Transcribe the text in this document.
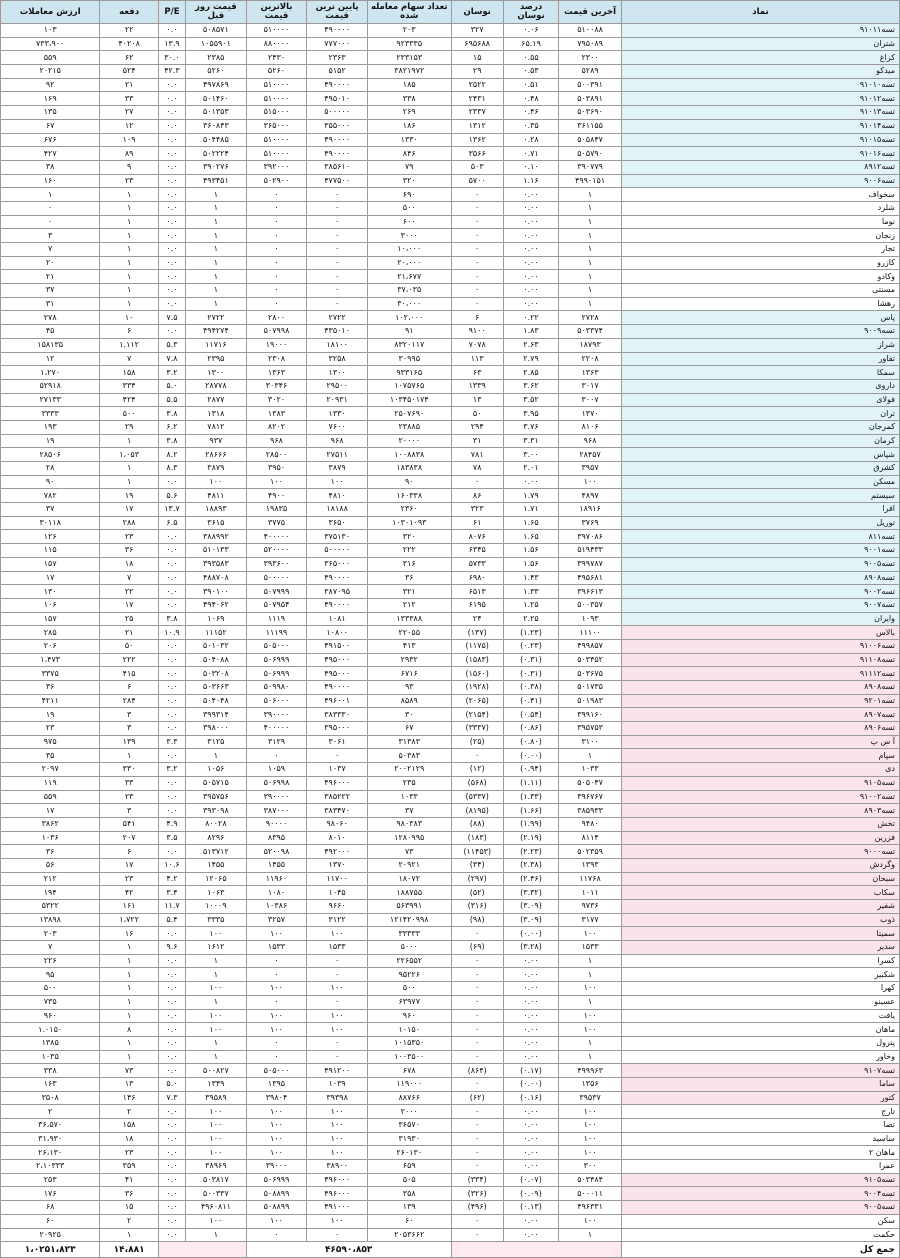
نماد	آخرین قیمت	درصد نوسان	نوسان	تعداد سهام معامله شده	پایین ترین قیمت	بالاترین قیمت	قیمت روز قبل	P/E	دفعه	ارزش معاملات
تسه۹۱۰۱۱	۵۱۰۰۸۸	۰.۰۶	۳۲۷	۲۰۳	۴۹۰۰۰۰	۵۱۰۰۰۰	۵۰۸۵۷۱	۰.۰	۲۲	۱۰۳
شتران	۷۹۵۰۸۹	۶۵.۱۹	۶۹۵۶۸۸	۹۲۳۳۳۵	۷۷۷۰۰۰	۸۸۰۰۰۰	۱۰۵۵۹۰۱	۱۳.۹	۴۰۲۰۸	۷۳۳،۹۰۰
کزاغ	۲۳۰۰	۰.۵۵	۱۵	۲۳۳۱۵۳	۲۳۶۳	۲۴۳۰	۲۳۸۵	۳۰.۰	۶۲	۵۵۹
میدکو	۵۲۸۹	۰.۵۳	۲۹	۳۸۲۱۹۷۲	۵۱۵۲	۵۲۶۰	۵۲۶۰	۴۲.۳	۵۲۴	۲۰۲۱۵
تسه۹۱۰۱۰	۵۰۰۳۹۱	۰.۵۱	۲۵۲۲	۱۸۵	۴۹۰۰۰۰	۵۱۰۰۰۰	۴۹۷۸۶۹	۰.۰	۲۱	۹۲
تسه۹۱۰۱۲	۵۰۳۸۹۱	۰.۴۸	۲۴۳۱	۳۳۸	۴۹۵۰۱۰	۵۱۰۰۰۰	۵۰۱۴۶۰	۰.۰	۳۳	۱۶۹
تسه۹۱۰۱۳	۵۰۳۶۹۰	۰.۴۶	۲۳۳۷	۲۶۹	۵۰۰۰۰۰	۵۱۵۰۰۰	۵۰۱۳۵۳	۰.۰	۲۷	۱۳۵
تسه۹۱۰۱۴	۳۶۱۱۵۵	۰.۳۵	۱۳۱۲	۱۸۶	۳۵۵۰۰۰	۳۶۵۰۰۰	۳۶۰۸۴۳	۰.۰	۱۲	۶۷
تسه۹۱۰۱۵	۵۰۵۸۴۷	۰.۲۸	۱۳۶۲	۱۳۳۰	۴۹۰۰۰۰	۵۱۰۰۰۰	۵۰۴۴۸۵	۰.۰	۱۰۹	۶۷۶
تسه۹۱۰۱۶	۵۰۵۷۹۰	۰.۷۱	۳۵۶۶	۸۴۶	۴۹۰۰۰۰	۵۱۰۰۰۰	۵۰۲۲۲۴	۰.۰	۸۹	۴۲۷
تسه۸۹۱۲	۳۹۰۷۷۹	۰.۱۰	۵۰۳	۷۹	۳۸۵۶۱۰	۳۹۲۰۰۰	۳۹۰۲۷۶	۰.۰	۹	۳۸
تسه۹۰۰۶	۴۹۹۰۱۵۱	۱.۱۶	۵۷۰۰	۳۲۰	۴۷۷۵۰۰	۵۰۲۹۰۰	۴۹۳۴۵۱	۰.۰	۲۳	۱۶۰
سخواف	۱	۰.۰۰	۰	۶۹۰	۰	۰	۱	۰.۰	۱	۱
شلرد	۱	۰.۰۰	۰	۵۰۰	۰	۰	۱	۰.۰	۱	۰
نوما	۱	۰.۰۰	۰	۶۰۰	۰	۰	۱	۰.۰	۱	۰
زنجان	۱	۰.۰۰	۰	۳۰۰۰	۰	۰	۱	۰.۰	۱	۳
تجار	۱	۰.۰۰	۰	۱۰،۰۰۰	۰	۰	۱	۰.۰	۱	۷
کازرو	۱	۰.۰۰	۰	۲۰،۰۰۰	۰	۰	۱	۰.۰	۱	۲۰
وکادو	۱	۰.۰۰	۰	۲۱،۶۷۷	۰	۰	۱	۰.۰	۱	۲۱
مسنتی	۱	۰.۰۰	۰	۳۷،۰۳۵	۰	۰	۱	۰.۰	۱	۳۷
رهشا	۱	۰.۰۰	۰	۳۰،۰۰۰	۰	۰	۱	۰.۰	۱	۳۱
پاس	۲۷۲۸	۰.۲۲	۶	۱۰۲،۰۰۰	۲۷۲۲	۲۸۰۰	۲۷۲۲	۷.۵	۱۰	۲۷۸
تسه۹۰۰۹	۵۰۳۳۷۴	۱.۸۳	۹۱۰۰	۹۱	۴۳۵۰۱۰	۵۰۷۹۹۸	۴۹۴۲۷۴	۰.۰	۶	۴۵
شراز	۱۸۷۹۳	۲.۶۳	۷۰۷۸	۸۳۲۰۱۱۷	۱۸۱۰۰	۱۹۰۰۰	۱۱۷۱۶	۵.۳	۱.۱۱۲	۱۵۸۱۳۵
تفاور	۲۲۰۸	۲.۷۹	۱۱۳	۳۰۹۹۵	۳۲۵۸	۲۳۰۸	۲۳۹۵	۷.۸	۷	۱۲
سمکا	۱۳۶۳	۲.۸۵	۶۳	۹۳۳۱۶۵	۱۳۰۰	۱۳۶۳	۱۳۰۰	۳.۲	۱۵۸	۱،۲۷۰
داروی	۳۰۱۷	۳.۶۲	۱۳۳۹	۱۰۷۵۷۶۵	۲۹۵۰۰	۳۰۳۴۶	۲۸۷۷۸	۵.۰	۳۳۴	۵۲۹۱۸
فولای	۳۰۰۷	۳.۵۲	۱۳	۱۰۳۴۵۰۱۷۴	۲۰۹۳۱	۳۰۲۰	۲۸۷۷	۵.۵	۴۲۴	۲۷۱۳۳
تران	۱۳۷۰	۳.۹۵	۵۰	۲۵۰۷۶۹۰	۱۳۳۰	۱۳۸۳	۱۳۱۸	۳.۸	۵۰۰	۳۳۳۳
کمرجان	۸۱۰۶	۳.۷۶	۲۹۴	۲۳۸۸۵	۷۶۰۰	۸۲۰۲	۷۸۱۲	۶.۲	۲۹	۱۹۳
کرمان	۹۶۸	۳.۳۱	۳۱	۲۰۰۰۰	۹۶۸	۹۶۸	۹۳۷	۳.۸	۱	۱۹
شپاس	۲۸۴۵۷	۳.۰۰	۷۸۱	۱۰۰۸۸۳۸	۲۷۵۱۱	۲۸۵۰۰	۲۸۶۶۶	۸.۲	۱،۰۵۳	۲۸۵۰۶
کشرق	۳۹۵۷	۲.۰۱	۷۸	۱۸۳۸۳۸	۳۸۷۹	۳۹۵۰	۳۸۷۹	۸.۳	۱	۲۸
مسکن	۱۰۰	۰.۰۰	۰	۹۰	۱۰۰	۱۰۰	۱۰۰	۰.۰	۱	۹۰
سیستم	۴۸۹۷	۱.۷۹	۸۶	۱۶۰۳۳۸	۴۸۱۰	۴۹۰۰	۴۸۱۱	۵.۶	۱۹	۷۸۲
افرا	۱۸۹۱۶	۱.۷۱	۳۲۳	۲۳۶۰	۱۸۱۸۸	۱۹۸۳۵	۱۸۸۹۳	۱۳.۷	۱۷	۳۷
توریل	۳۷۶۹	۱.۶۵	۶۱	۱۰۳۰۱۰۹۳	۳۶۵۰	۳۷۷۵	۳۶۱۵	۶.۵	۲۸۸	۳۰۱۱۸
تسه۸۱۱	۳۹۷۰۸۶	۱.۶۵	۸۰۷۶	۳۲۰	۳۷۵۱۳۰	۴۰۰۰۰۰	۳۸۸۹۹۲	۰.۰	۲۳	۱۲۶
تسه۹۰۰۱	۵۱۹۴۳۳	۱.۵۶	۶۳۴۵	۲۲۲	۵۰۰۰۰۰	۵۲۰۰۰۰	۵۱۰۱۳۳	۰.۰	۳۶	۱۱۵
تسه۹۰۰۵	۳۹۹۷۸۷	۱.۵۶	۵۷۳۳	۳۱۶	۳۶۵۰۰۰	۳۹۳۶۰۰	۳۹۳۵۸۳	۰.۰	۱۸	۱۵۷
تسه۸۹۰۸	۴۹۵۶۸۱	۱.۴۳	۶۹۸۰	۳۶	۴۹۰۰۰۰	۵۰۰۰۰۰	۴۸۸۷۰۸	۰.۰	۷	۱۷
تسه۹۰۰۲	۳۹۶۶۱۳	۱.۳۳	۶۵۱۳	۳۲۱	۳۸۷۰۹۵	۵۰۷۹۹۹	۳۹۰۱۰۰	۰.۰	۲۲	۱۳۰
تسه۹۰۰۷	۵۰۰۳۵۷	۱.۲۵	۶۱۹۵	۲۱۲	۴۹۰۰۰۰	۵۰۷۹۵۴	۴۹۴۰۶۲	۰.۰	۱۷	۱۰۶
وایران	۱۰۹۳	۲.۲۵	۲۴	۱۳۳۳۸۸	۱۰۸۱	۱۱۱۹	۱۰۶۹	۳.۸	۲۵	۱۵۷
بالاس	۱۱۱۰۰	(۱.۲۳)	(۱۳۷)	۲۲۰۵۵	۱۰۸۰۰	۱۱۱۹۹	۱۱۱۵۲	۱۰.۹	۲۱	۲۸۵
تسه۹۱۰۰۶	۴۹۹۸۵۷	(۰.۲۳)	(۱۱۷۵)	۴۱۳	۴۹۱۵۰۰	۵۰۵۰۰۰	۵۰۱۰۳۲	۰.۰	۵۰	۲۰۶
تسه۹۱۱۰۸	۵۰۳۴۵۲	(۰.۳۱)	(۱۵۸۳)	۲۹۳۲	۴۹۵۰۰۰	۵۰۶۹۹۹	۵۰۴۰۸۸	۰.۰	۲۲۲	۱،۴۷۳
تسه۹۱۱۱۲	۵۰۳۶۷۵	(۰.۳۱)	(۱۵۶۰)	۶۷۱۶	۴۹۵۰۰۰	۵۰۶۹۹۹	۵۰۳۲۰۸	۰.۰	۴۱۵	۳۳۷۵
تسه۸۹۰۸	۵۰۱۷۳۵	(۰.۳۸)	(۱۹۲۸)	۹۳	۴۹۰۰۰۰	۵۰۹۹۸۰	۵۰۳۶۶۳	۰.۰	۶	۳۶
تسه۹۲۰۱	۵۰۱۹۸۳	(۰.۴۱)	(۲۰۶۵)	۸۵۸۹	۴۹۶۰۰۱	۵۰۶۰۰۰	۵۰۴۰۴۸	۰.۰	۲۸۴	۴۲۱۱
تسه۸۹۰۷	۳۹۹۱۶۰	(۰.۵۴)	(۲۱۵۴)	۳۰	۳۸۳۳۳۰	۳۹۰۰۰۰	۳۹۹۳۱۴	۰.۰	۳	۱۹
تسه۸۹۰۶	۳۹۵۷۵۳	(۰.۸۶)	(۳۳۳۷)	۶۷	۳۹۵۰۰۰	۴۰۰۰۰۰	۳۹۸۰۰۰	۰.۰	۳	۲۳
آ س پ	۳۱۰۰	(۰.۸۰)	(۲۵)	۳۱۳۸۳	۳۰۶۱	۳۱۲۹	۳۱۲۵	۳.۳	۱۳۹	۹۷۵
سپام	۱	(۰.۰۰)	۰	۵۰۳۸۳	۰	۰	۱	۰.۰	۱	۳۵
دی	۱۰۳۳	(۰.۹۴)	(۱۲)	۲۰۰۲۱۲۹	۱۰۳۷	۱۰۵۹	۱۰۵۶	۳.۲	۳۳۰	۲۰۹۷
تسه۹۱۰۵	۵۰۵۰۴۷	(۱.۱۱)	(۵۶۸)	۲۳۵	۴۹۶۰۰۰	۵۰۶۹۹۸	۵۰۵۷۱۵	۰.۰	۳۳	۱۱۹
تسه۹۱۰۰۲	۳۹۶۷۶۷	(۱.۳۳)	(۵۳۳۷)	۱۰۳۳	۳۸۵۲۲۲	۳۹۰۰۰۰	۳۹۵۷۵۶	۰.۰	۲۳	۵۵۹
تسه۸۹۰۳	۳۸۵۹۳۳	(۱.۶۶)	(۸۱۹۵)	۳۷	۳۸۳۴۷۰	۳۸۷۰۰۰	۳۹۳۰۹۸	۰.۰	۳	۱۷
تخش	۹۴۸۰	(۱.۹۹)	(۸۸)	۹۸۰۳۸۳	۹۸۰۶۰	۹۰۰۰۰	۸۰۰۲۸	۴.۹	۵۴۱	۳۸۶۲
فزرین	۸۱۱۴	(۲.۱۹)	(۱۸۳)	۱۲۸۰۹۹۵	۸۰۱۰	۸۳۹۵	۸۲۹۶	۳.۵	۲۰۷	۱۰۳۶
تسه۹۰۰۰	۵۰۲۳۵۹	(۲.۲۳)	(۱۱۴۵۳)	۷۳	۴۹۲۰۰۰	۵۲۰۰۹۸	۵۱۳۷۱۲	۰.۰	۶	۳۶
وگردش	۱۳۹۳	(۲.۳۸)	(۳۴)	۲۰۹۲۱	۱۳۷۰	۱۴۵۵	۱۴۵۵	۱۰.۶	۱۷	۵۶
سبحان	۱۱۷۶۸	(۲.۴۶)	(۲۹۷)	۱۸۰۷۲	۱۱۷۰۰	۱۱۹۶۰	۱۲۰۶۵	۴.۲	۲۳	۲۱۲
سکاب	۱۰۱۱	(۳.۳۲)	(۵۲)	۱۸۸۷۵۵	۱۰۴۵	۱۰۸۰	۱۰۶۳	۳.۴	۴۲	۱۹۴
شفیر	۹۷۳۶	(۳.۰۹)	(۳۱۶)	۵۶۳۹۹۱	۹۶۶۰	۱۰۳۸۶	۱۰۰۰۹	۱۱.۷	۱۶۱	۵۳۲۲
ذوب	۳۱۷۷	(۳.۰۹)	(۹۸)	۱۲۱۴۲۰۹۹۸	۳۱۲۲	۳۲۵۷	۳۳۳۵	۵.۴	۱،۷۲۲	۱۳۸۹۸
سمیتا	۱۰۰	(۰.۰۰)	۰	۳۳۳۳۳	۱۰۰	۱۰۰	۱۰۰	۰.۰	۱۶	۲۰۳
سدیر	۱۵۳۳	(۳.۲۸)	(۶۹)	۵۰۰۰	۱۵۳۳	۱۵۳۳	۱۶۱۲	۹.۶	۱	۷
کسرا	۱	۰.۰۰	۰	۲۲۶۵۵۲	۰	۰	۱	۰.۰	۱	۲۲۶
شکبیر	۱	۰.۰۰	۰	۹۵۲۲۶	۰	۰	۱	۰.۰	۱	۹۵
کهرا	۱۰۰	۰.۰۰	۰	۵۰۰	۱۰۰	۱۰۰	۱۰۰	۰.۰	۱	۵۰۰
عسینو	۱	۰.۰۰	۰	۶۳۹۷۷	۰	۰	۱	۰.۰	۱	۷۳۵
یافت	۱۰۰	۰.۰۰	۰	۹۶۰	۱۰۰	۱۰۰	۱۰۰	۰.۰	۱	۹۶۰
ماهان	۱۰۰	۰.۰۰	۰	۱۰۱۵۰	۱۰۰	۱۰۰	۱۰۰	۰.۰	۸	۱.۰۱۵۰
پترول	۱	۰.۰۰	۰	۱۰۱۵۳۵۰	۰	۰	۱	۰.۰	۱	۱۳۸۵
وخاور	۱	۰.۰۰	۰	۱۰۰۳۵۰۰	۰	۰	۱	۰.۰	۱	۱۰۳۵
تسه۹۱۰۷	۴۹۹۹۶۳	(۰.۱۷)	(۸۶۴)	۶۷۸	۴۹۱۲۰۰	۵۰۵۰۰۰	۵۰۰۸۲۷	۰.۰	۷۳	۳۳۸
ساما	۱۳۵۶	(۰.۰۰)	۰	۱۱۹۰۰۰	۱۰۳۹	۱۳۹۵	۱۳۴۹	۵.۰	۱۳	۱۶۳
کتور	۳۹۵۳۷	(۰.۱۶)	(۶۲)	۸۸۷۶۶	۳۹۳۹۸	۳۹۸۰۴	۳۹۵۸۹	۷.۳	۱۴۶	۳۵۰۸
تارج	۱۰۰	۰.۰۰	۰	۲۰۰۰	۱۰۰	۱۰۰	۱۰۰	۰.۰	۲	۲
تصا	۱۰۰	۰.۰۰	۰	۳۶۵۷۰	۱۰۰	۱۰۰	۱۰۰	۰.۰	۱۵۸	۳۶،۵۷۰
ساسید	۱۰۰	۰.۰۰	۰	۳۱۹۳۰	۱۰۰	۱۰۰	۱۰۰	۰.۰	۱۸	۳۱،۹۳۰
ماهان ۲	۱۰۰	۰.۰۰	۰	۲۶۰۱۳۰	۱۰۰	۱۰۰	۱۰۰	۰.۰	۲۳	۲۶،۱۳۰
عمرا	۳۰۰	۰.۰۰	۰	۶۵۹	۳۸۹۰۰	۳۹۰۰۰	۳۸۹۶۹	۰.۰	۳۵۹	۲،۱۰۳۳۳
تسه۹۱۰۵	۵۰۳۴۸۴	(۰.۰۷)	(۳۳۴)	۵۰۵	۴۹۶۰۰۰	۵۰۶۹۹۹	۵۰۳۸۱۷	۰.۰	۴۱	۲۵۳
تسه۹۰۰۴	۵۰۰۰۱۱	(۰.۰۹)	(۳۲۶)	۳۵۸	۴۹۶۰۰۰	۵۰۸۸۹۹	۵۰۰۳۳۷	۰.۰	۳۶	۱۷۶
تسه۹۰۰۵	۴۹۶۳۳۱	(۰.۱۳)	(۴۹۶)	۱۳۹	۴۹۱۰۰۰	۵۰۸۸۹۹	۴۹۶۰۸۱۱	۰.۰	۱۵	۶۸
سکن	۱۰۰	۰.۰۰	۰	۶۰	۱۰۰	۱۰۰	۱۰۰	۰.۰	۲	۶۰
حکمت	۱	۰.۰۰	۰	۲۰۵۳۶۶۲	۰	۰	۱	۰.۰	۱	۲۰۹۲۵
جمع کل				۴۶۵۹۰،۸۵۳					۱۴،۸۸۱	۱،۰۲۵۱،۸۲۳
